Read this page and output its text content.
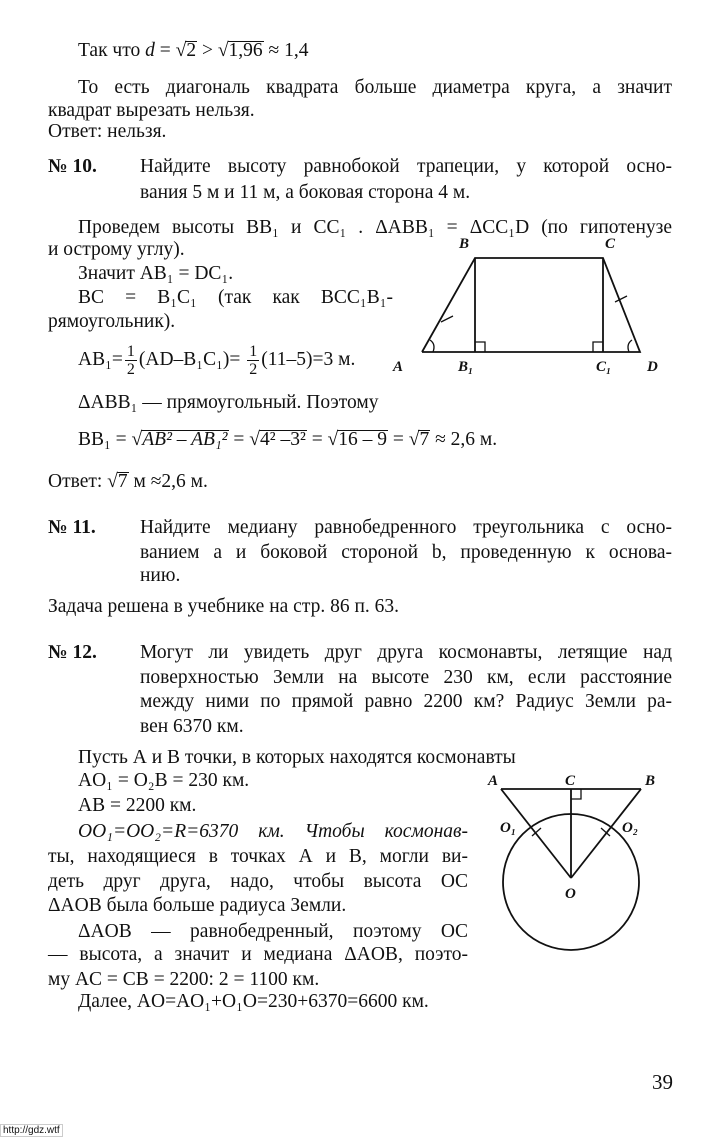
B	C
A	B₁	C₁ D
A	C	B
O₁	O₂
O
Так что d = √2 > √1,96 ≈ 1,4
То есть диагональ квадрата больше диаметра круга, а значит
квадрат вырезать нельзя.
Ответ: нельзя.
№ 10. Найдите высоту равнобокой трапеции, у которой осно-
вания 5 м и 11 м, а боковая сторона 4 м.
Проведем высоты BB₁ и CC₁ . ΔABB₁ = ΔCC₁D (по гипотенузе
и острому углу).
Значит AB₁ = DC₁.
BC = B₁C₁ (так как BCC₁B₁-
рямоугольник).
$AB_1= \frac{1}{2} (AD-B_1C_1)= \frac{1}{2} (11-5)=3$ м.
ΔABB₁ — прямоугольный. Поэтому
BB₁ = √AB² – AB₁² = √4² –3² = √16 – 9 = √7 ≈ 2,6 м.
Ответ: √7 м ≈2,6 м.
№ 11. Найдите медиану равнобедренного треугольника с осно-
ванием a и боковой стороной b, проведенную к основа-
нию.
Задача решена в учебнике на стр. 86 п. 63.
№ 12. Могут ли увидеть друг друга космонавты, летящие над
поверхностью Земли на высоте 230 км, если расстояние
между ними по прямой равно 2200 км? Радиус Земли ра-
вен 6370 км.
Пусть А и В точки, в которых находятся космонавты
AO₁ = O₂B = 230 км.
AB = 2200 км.
OO₁=OO₂=R=6370 км. Чтобы космонав-
ты, находящиеся в точках А и В, могли ви-
деть друг друга, надо, чтобы высота OC
ΔAOB была больше радиуса Земли.
ΔAOB — равнобедренный, поэтому OC
— высота, а значит и медиана ΔAOB, поэто-
му AC = CB = 2200: 2 = 1100 км.
Далее, AO=AO₁+O₁O=230+6370=6600 км.
39
http://gdz.wtf
